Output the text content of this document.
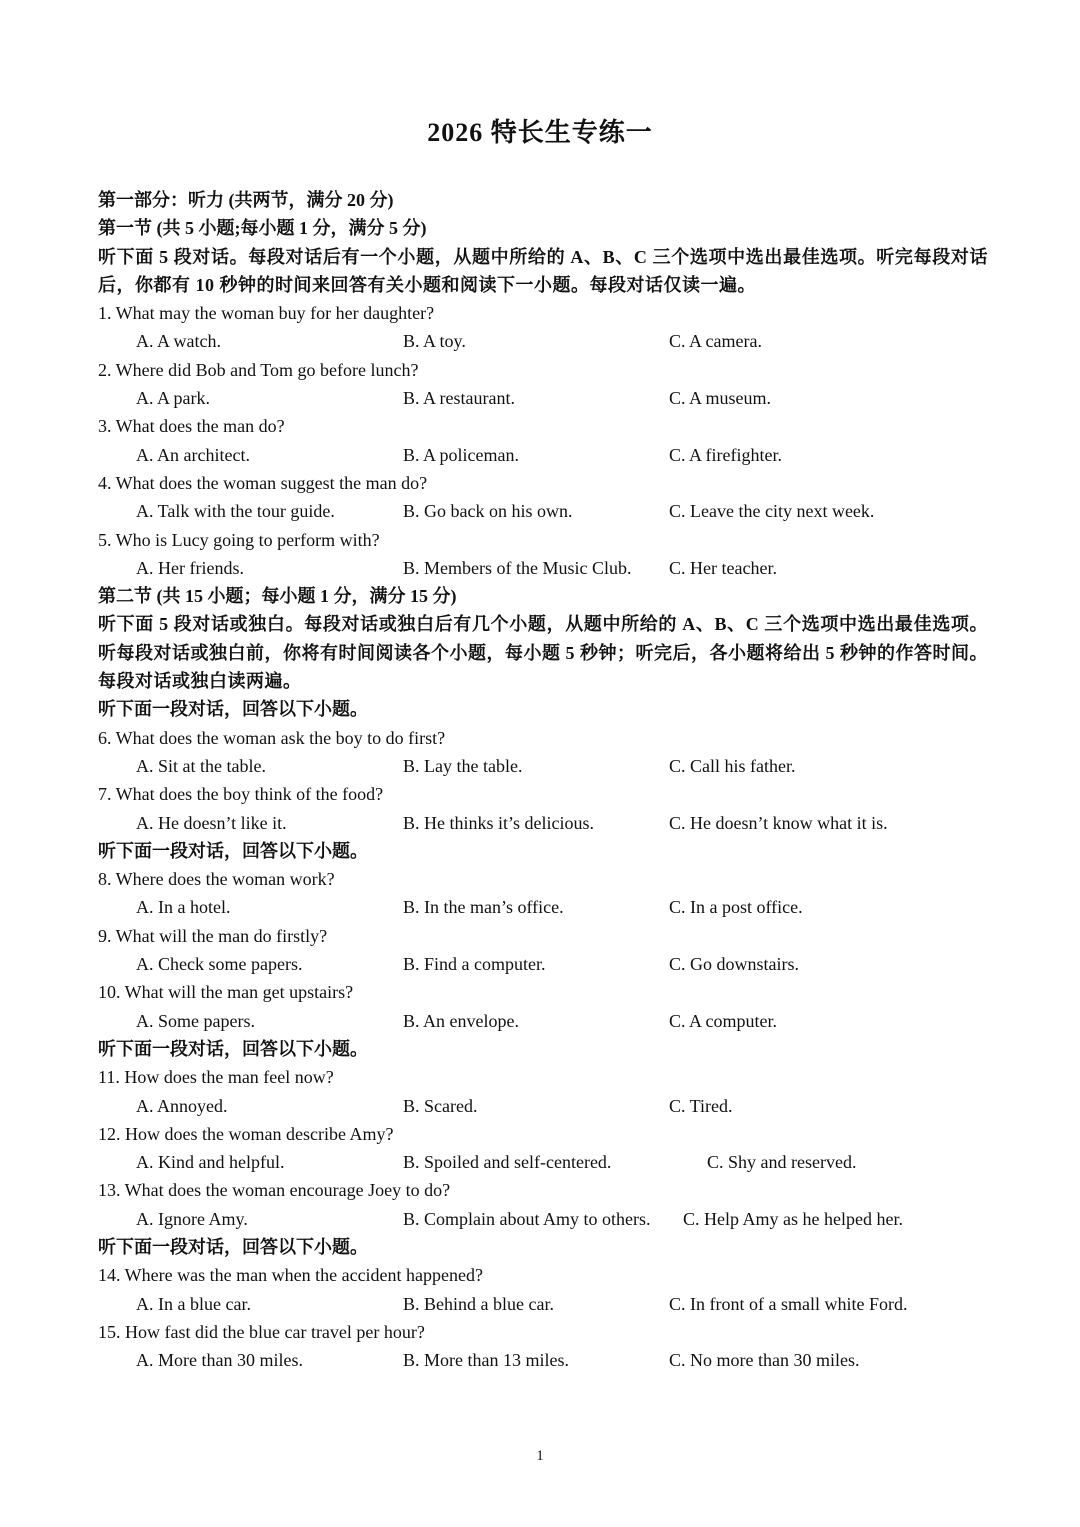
2026 特长生专练一
第一部分：听力 (共两节，满分 20 分)
第一节 (共 5 小题;每小题 1 分，满分 5 分)
听下面 5 段对话。每段对话后有一个小题，从题中所给的 A、B、C 三个选项中选出最佳选项。听完每段对话后，你都有 10 秒钟的时间来回答有关小题和阅读下一小题。每段对话仅读一遍。
1. What may the woman buy for her daughter?
A. A watch.	B. A toy.	C. A camera.
2. Where did Bob and Tom go before lunch?
A. A park.	B. A restaurant.	C. A museum.
3. What does the man do?
A. An architect.	B. A policeman.	C. A firefighter.
4. What does the woman suggest the man do?
A. Talk with the tour guide.	B. Go back on his own.	C. Leave the city next week.
5. Who is Lucy going to perform with?
A. Her friends.	B. Members of the Music Club. C. Her teacher.
第二节 (共 15 小题；每小题 1 分，满分 15 分)
听下面 5 段对话或独白。每段对话或独白后有几个小题，从题中所给的 A、B、C 三个选项中选出最佳选项。听每段对话或独白前，你将有时间阅读各个小题，每小题 5 秒钟；听完后，各小题将给出 5 秒钟的作答时间。每段对话或独白读两遍。
听下面一段对话，回答以下小题。
6. What does the woman ask the boy to do first?
A. Sit at the table.	B. Lay the table.	C. Call his father.
7. What does the boy think of the food?
A. He doesn’t like it.	B. He thinks it’s delicious.	C. He doesn’t know what it is.
听下面一段对话，回答以下小题。
8. Where does the woman work?
A. In a hotel.	B. In the man’s office.	C. In a post office.
9. What will the man do firstly?
A. Check some papers.	B. Find a computer.	C. Go downstairs.
10. What will the man get upstairs?
A. Some papers.	B. An envelope.	C. A computer.
听下面一段对话，回答以下小题。
11. How does the man feel now?
A. Annoyed.	B. Scared.	C. Tired.
12. How does the woman describe Amy?
A. Kind and helpful.	B. Spoiled and self-centered.	C. Shy and reserved.
13. What does the woman encourage Joey to do?
A. Ignore Amy.	B. Complain about Amy to others. C. Help Amy as he helped her.
听下面一段对话，回答以下小题。
14. Where was the man when the accident happened?
A. In a blue car.	B. Behind a blue car.	C. In front of a small white Ford.
15. How fast did the blue car travel per hour?
A. More than 30 miles.	B. More than 13 miles.	C. No more than 30 miles.
1
